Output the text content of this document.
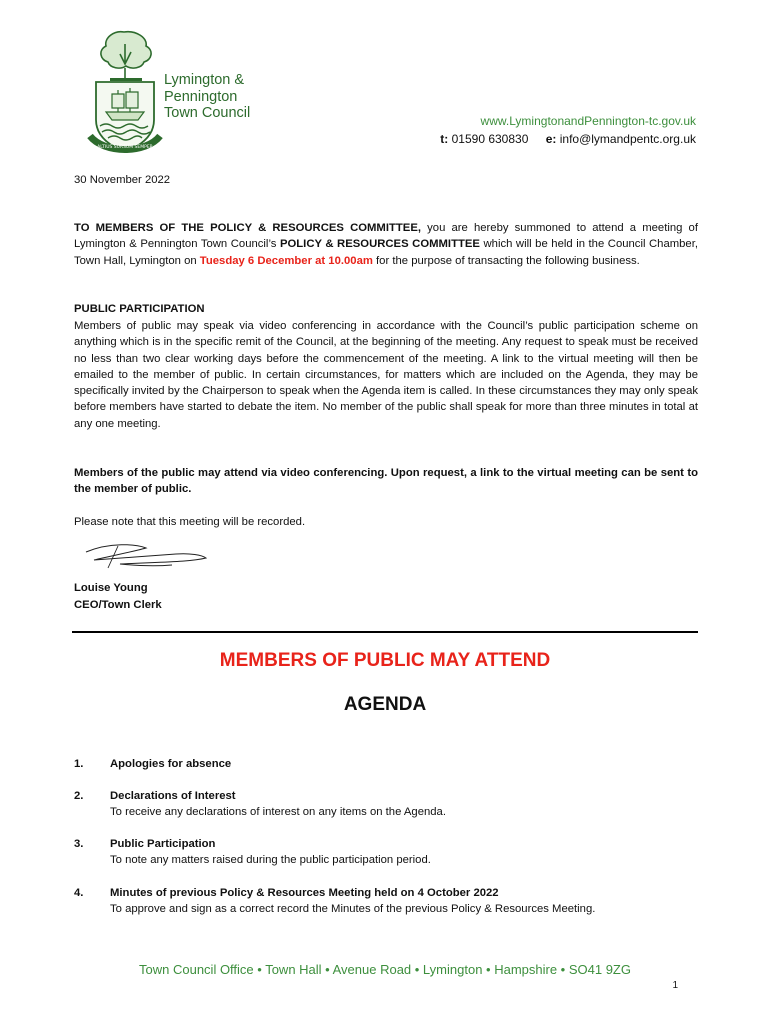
ALTIUS SURSUM SEMPER
Lymington &
Pennington
Town Council	www.LymingtonandPennington-tc.gov.uk
t: 01590 630830 e: info@lymandpentc.org.uk
30 November 2022

TO MEMBERS OF THE POLICY & RESOURCES COMMITTEE, you are hereby summoned to attend a meeting of Lymington & Pennington Town Council’s POLICY & RESOURCES COMMITTEE which will be held in the Council Chamber, Town Hall, Lymington on Tuesday 6 December at 10.00am for the purpose of transacting the following business.

PUBLIC PARTICIPATION
Members of public may speak via video conferencing in accordance with the Council’s public participation scheme on anything which is in the specific remit of the Council, at the beginning of the meeting. Any request to speak must be received no less than two clear working days before the commencement of the meeting. A link to the virtual meeting will then be emailed to the member of public. In certain circumstances, for matters which are included on the Agenda, they may be specifically invited by the Chairperson to speak when the Agenda item is called. In these circumstances they may only speak before members have started to debate the item. No member of the public shall speak for more than three minutes in total at any one meeting.
Members of the public may attend via video conferencing. Upon request, a link to the virtual meeting can be sent to the member of public.
Please note that this meeting will be recorded.
Louise Young
CEO/Town Clerk
MEMBERS OF PUBLIC MAY ATTEND
AGENDA
1. Apologies for absence
2. Declarations of Interest
To receive any declarations of interest on any items on the Agenda.
3. Public Participation
To note any matters raised during the public participation period.
4. Minutes of previous Policy & Resources Meeting held on 4 October 2022
To approve and sign as a correct record the Minutes of the previous Policy & Resources Meeting.
Town Council Office • Town Hall • Avenue Road • Lymington • Hampshire • SO41 9ZG
1
